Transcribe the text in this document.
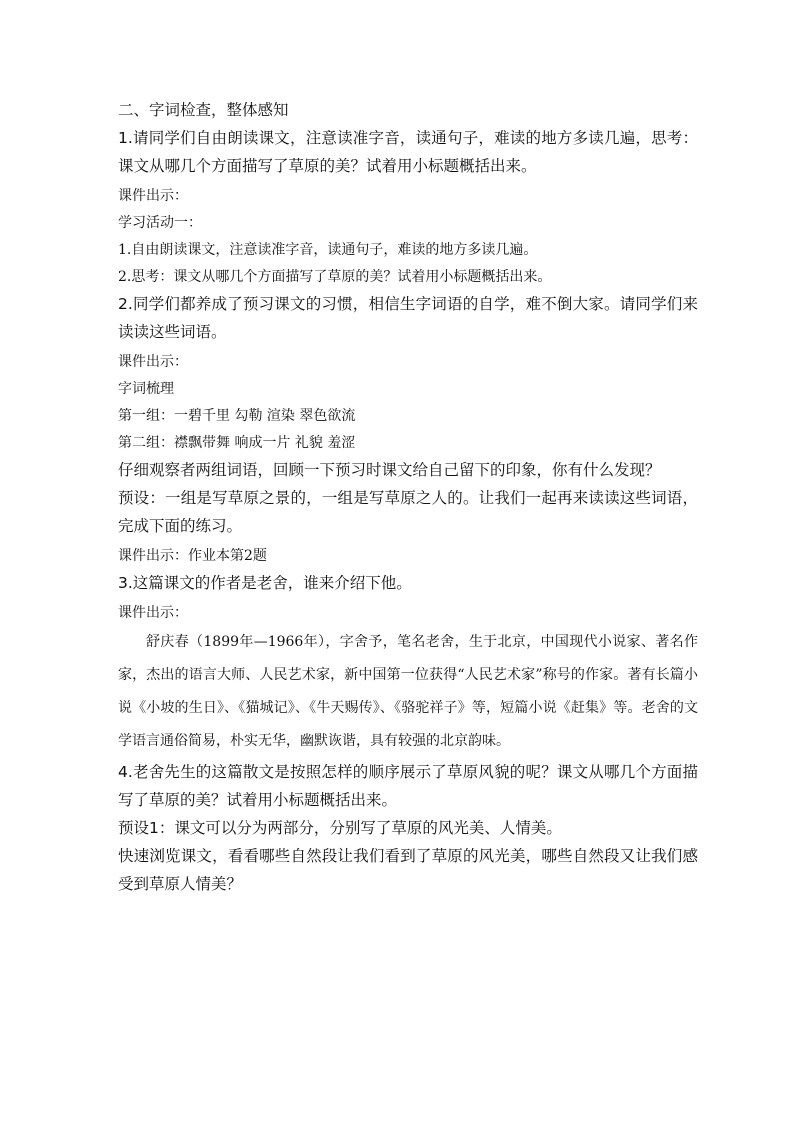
二、字词检查，整体感知

1.请同学们自由朗读课文，注意读准字音，读通句子，难读的地方多读几遍，思考：课文从哪几个方面描写了草原的美？试着用小标题概括出来。

课件出示：

学习活动一：

1.自由朗读课文，注意读准字音，读通句子，难读的地方多读几遍。

2.思考：课文从哪几个方面描写了草原的美？试着用小标题概括出来。

2.同学们都养成了预习课文的习惯，相信生字词语的自学，难不倒大家。请同学们来读读这些词语。

课件出示：

字词梳理

第一组：一碧千里 勾勒 渲染 翠色欲流

第二组：襟飘带舞 响成一片 礼貌 羞涩

仔细观察者两组词语，回顾一下预习时课文给自己留下的印象，你有什么发现？

预设：一组是写草原之景的，一组是写草原之人的。让我们一起再来读读这些词语，完成下面的练习。

课件出示：作业本第2题

3.这篇课文的作者是老舍，谁来介绍下他。

课件出示：

舒庆春（1899年—1966年），字舍予，笔名老舍，生于北京，中国现代小说家、著名作家，杰出的语言大师、人民艺术家，新中国第一位获得“人民艺术家”称号的作家。著有长篇小说《小坡的生日》、《猫城记》、《牛天赐传》、《骆驼祥子》等，短篇小说《赶集》等。老舍的文学语言通俗简易，朴实无华，幽默诙谐，具有较强的北京韵味。

4.老舍先生的这篇散文是按照怎样的顺序展示了草原风貌的呢？课文从哪几个方面描写了草原的美？试着用小标题概括出来。

预设1：课文可以分为两部分，分别写了草原的风光美、人情美。

快速浏览课文，看看哪些自然段让我们看到了草原的风光美，哪些自然段又让我们感受到草原人情美？
